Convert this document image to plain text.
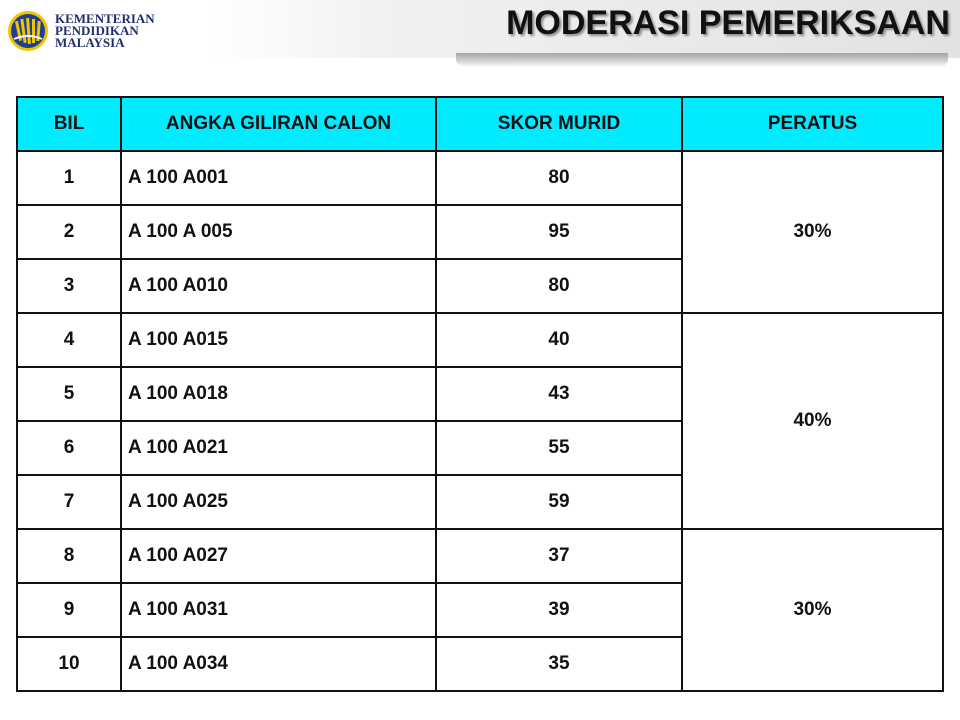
KEMENTERIAN
PENDIDIKAN
MALAYSIA
MODERASI PEMERIKSAAN
BIL	ANGKA GILIRAN CALON	SKOR MURID	PERATUS
1	A 100 A001	80	30%
2	A 100 A 005	95	
3	A 100 A010	80	
4	A 100 A015	40	40%
5	A 100 A018	43	
6	A 100 A021	55	
7	A 100 A025	59	
8	A 100 A027	37	30%
9	A 100 A031	39	
10	A 100 A034	35	
